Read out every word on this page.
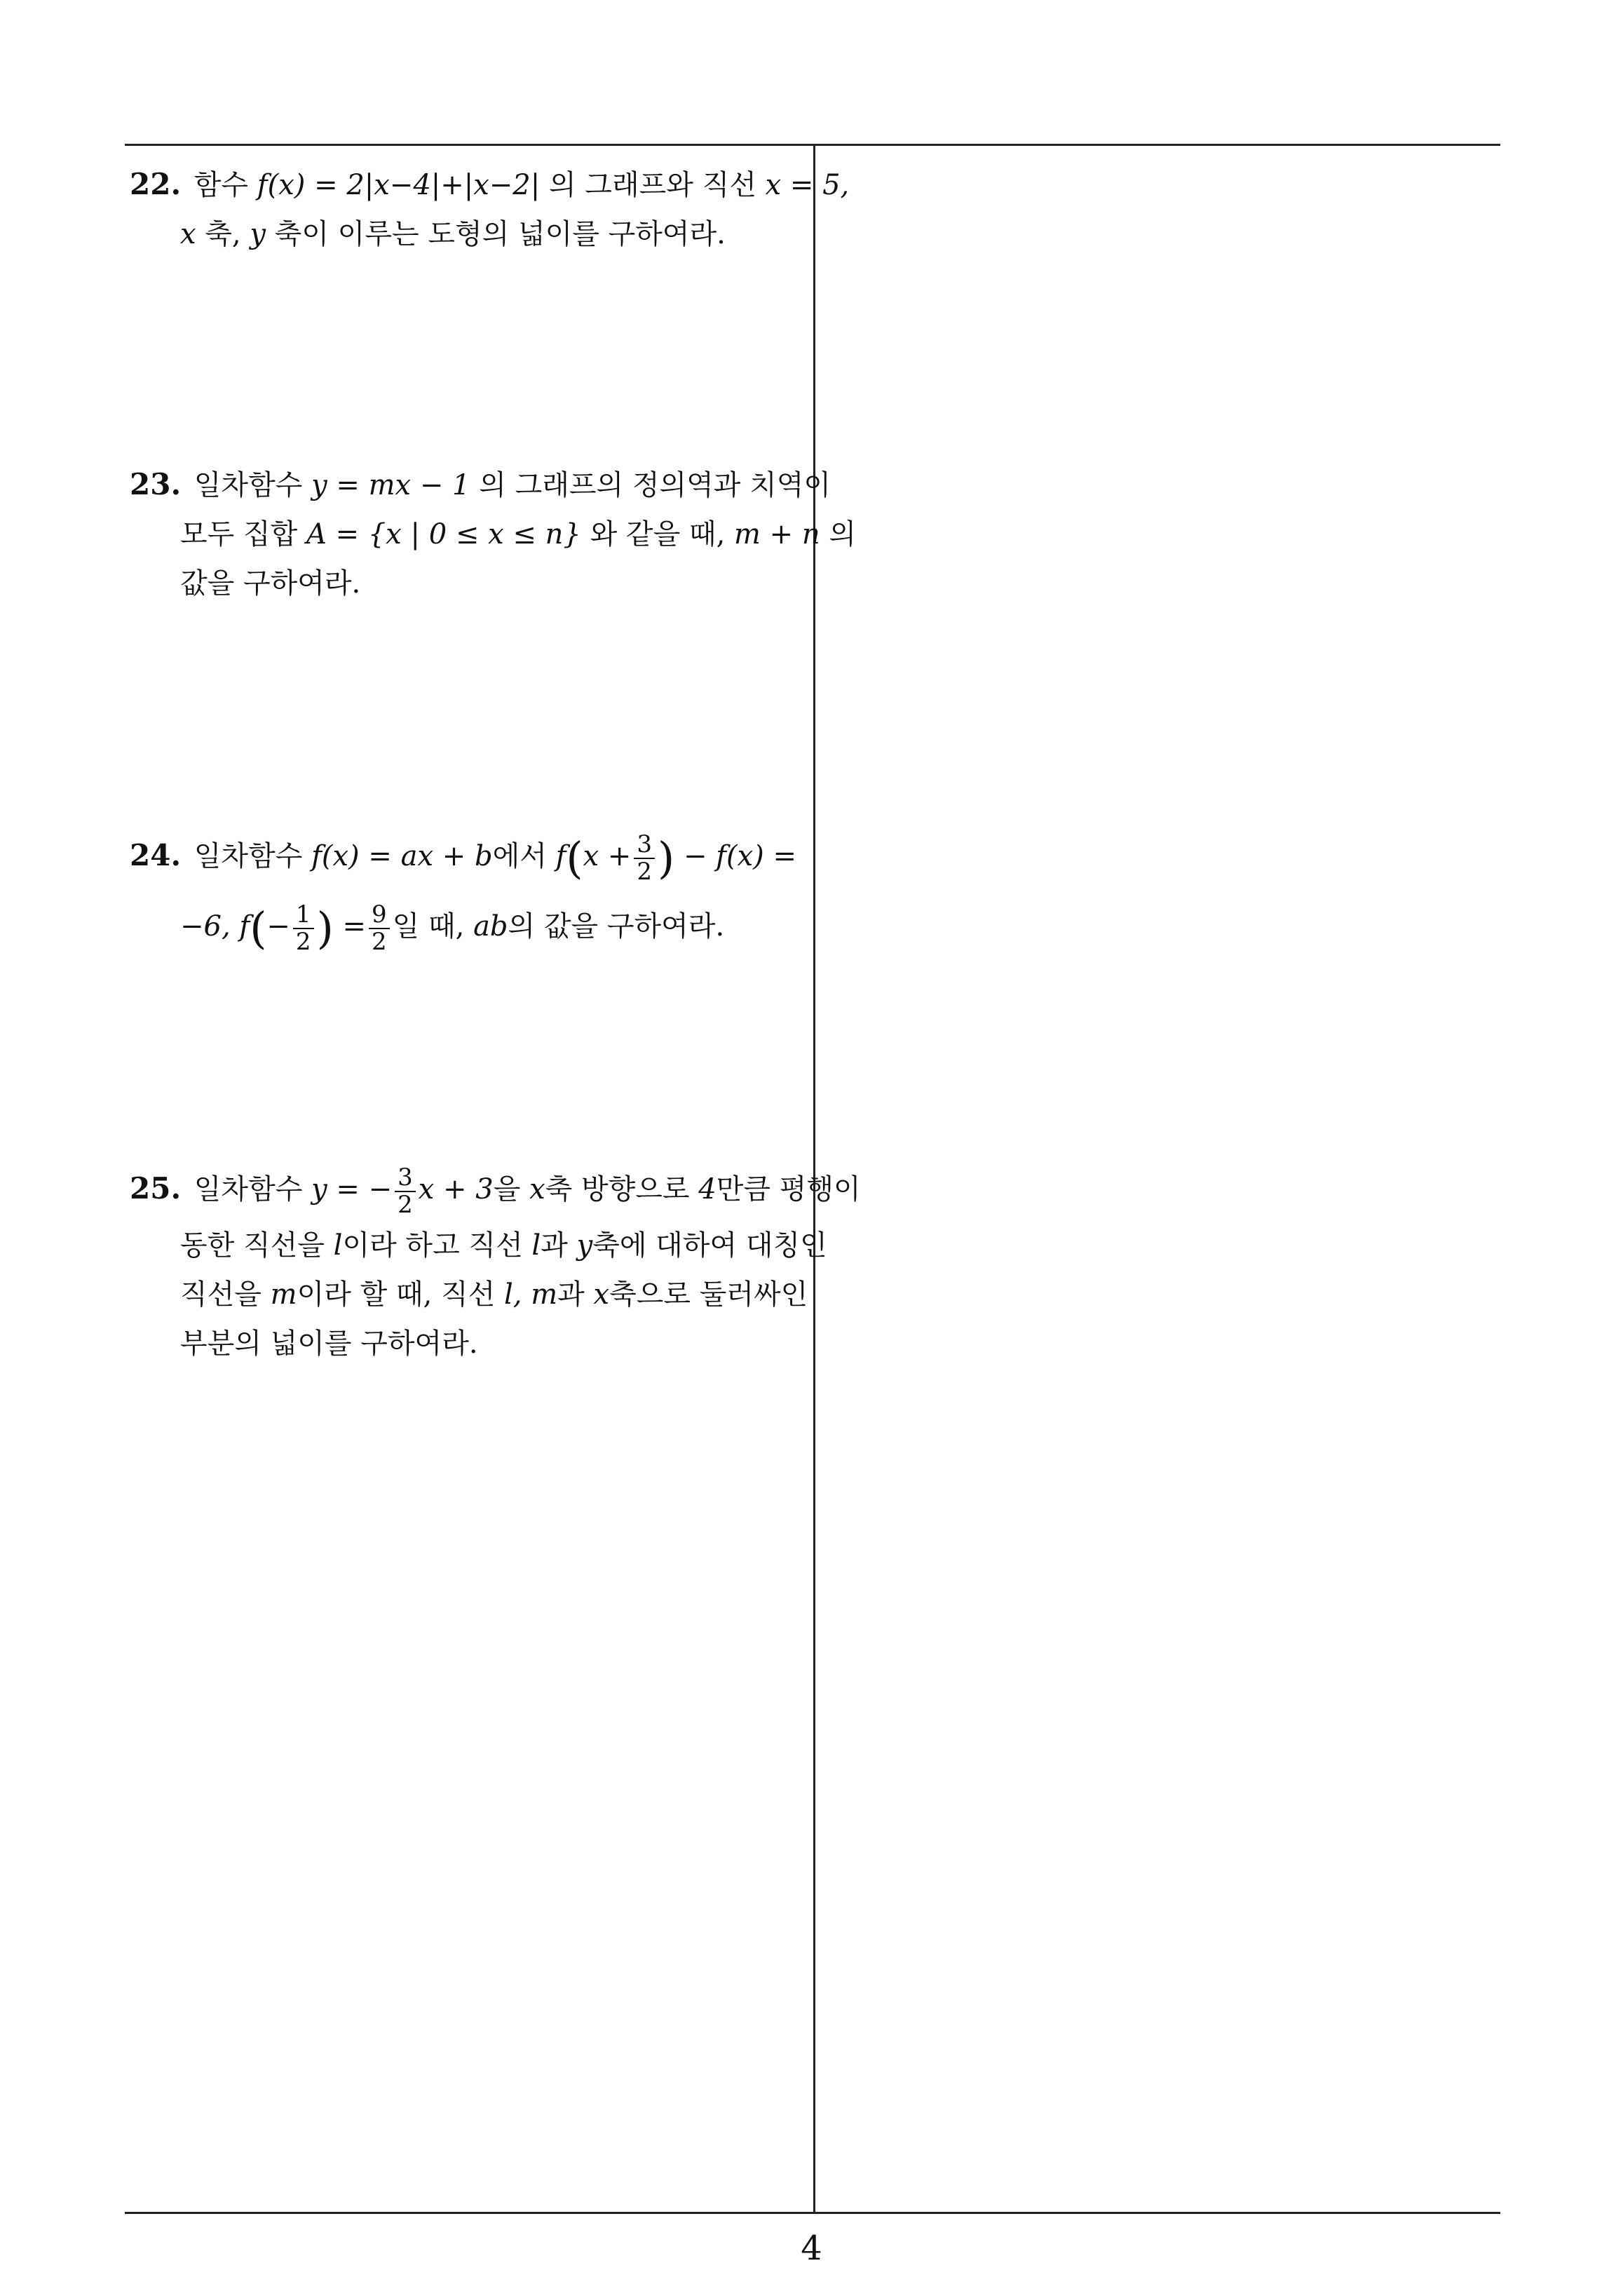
22. 함수 f(x) = 2|x−4|+|x−2| 의 그래프와 직선 x = 5,
x 축, y 축이 이루는 도형의 넓이를 구하여라.
23. 일차함수 y = mx − 1 의 그래프의 정의역과 치역이
모두 집합 A = {x | 0 ≤ x ≤ n} 와 같을 때, m + n 의
값을 구하여라.
24. 일차함수 f(x) = ax + b에서 $f(x + \frac{3}{2}$ ) − f(x) =
−6, $f(- \frac{1}{2}$ ) = $\frac{9}{2}$ 일 때, ab의 값을 구하여라.
25. 일차함수 y = − $\frac{3}{2}$ x + 3을 x축 방향으로 4만큼 평행이
동한 직선을 l이라 하고 직선 l과 y축에 대하여 대칭인
직선을 m이라 할 때, 직선 l, m과 x축으로 둘러싸인
부분의 넓이를 구하여라.
4
